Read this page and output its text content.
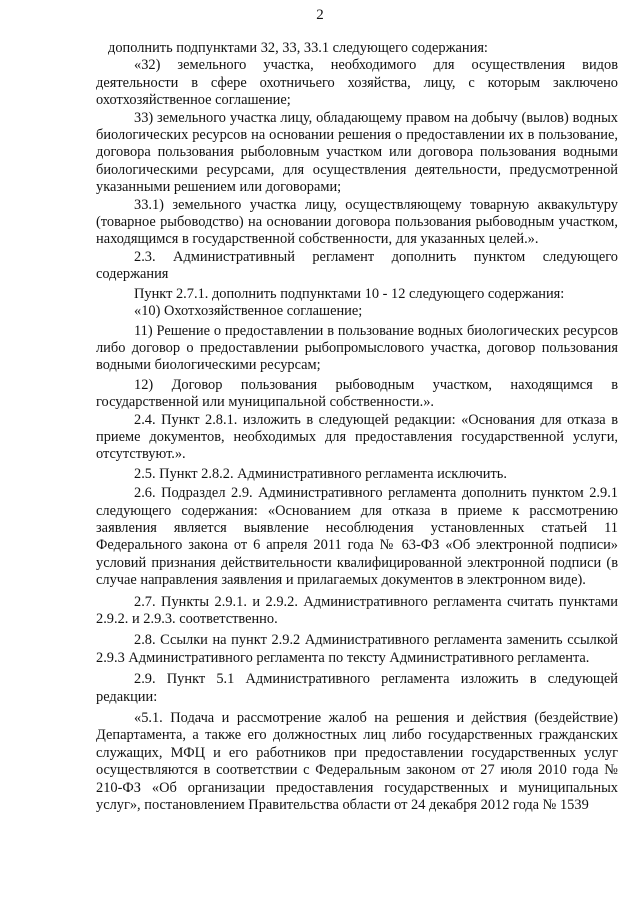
2

дополнить подпунктами 32, 33, 33.1 следующего содержания:

«32) земельного участка, необходимого для осуществления видов деятельности в сфере охотничьего хозяйства, лицу, с которым заключено охотхозяйственное соглашение;

33) земельного участка лицу, обладающему правом на добычу (вылов) водных биологических ресурсов на основании решения о предоставлении их в пользование, договора пользования рыболовным участком или договора пользования водными биологическими ресурсами, для осуществления деятельности, предусмотренной указанными решением или договорами;

33.1) земельного участка лицу, осуществляющему товарную аквакультуру (товарное рыбоводство) на основании договора пользования рыбоводным участком, находящимся в государственной собственности, для указанных целей.».

2.3. Административный регламент дополнить пунктом следующего содержания

Пункт 2.7.1. дополнить подпунктами 10 - 12 следующего содержания:

«10) Охотхозяйственное соглашение;

11) Решение о предоставлении в пользование водных биологических ресурсов либо договор о предоставлении рыбопромыслового участка, договор пользования водными биологическими ресурсам;

12) Договор пользования рыбоводным участком, находящимся в государственной или муниципальной собственности.».

2.4. Пункт 2.8.1. изложить в следующей редакции: «Основания для отказа в приеме документов, необходимых для предоставления государственной услуги, отсутствуют.».

2.5. Пункт 2.8.2. Административного регламента исключить.

2.6. Подраздел 2.9. Административного регламента дополнить пунктом 2.9.1 следующего содержания: «Основанием для отказа в приеме к рассмотрению заявления является выявление несоблюдения установленных статьей 11 Федерального закона от 6 апреля 2011 года № 63-ФЗ «Об электронной подписи» условий признания действительности квалифицированной электронной подписи (в случае направления заявления и прилагаемых документов в электронном виде).

2.7. Пункты 2.9.1. и 2.9.2. Административного регламента считать пунктами 2.9.2. и 2.9.3. соответственно.

2.8. Ссылки на пункт 2.9.2 Административного регламента заменить ссылкой 2.9.3 Административного регламента по тексту Административного регламента.

2.9. Пункт 5.1 Административного регламента изложить в следующей редакции:

«5.1. Подача и рассмотрение жалоб на решения и действия (бездействие) Департамента, а также его должностных лиц либо государственных гражданских служащих, МФЦ и его работников при предоставлении государственных услуг осуществляются в соответствии с Федеральным законом от 27 июля 2010 года № 210-ФЗ «Об организации предоставления государственных и муниципальных услуг», постановлением Правительства области от 24 декабря 2012 года № 1539
